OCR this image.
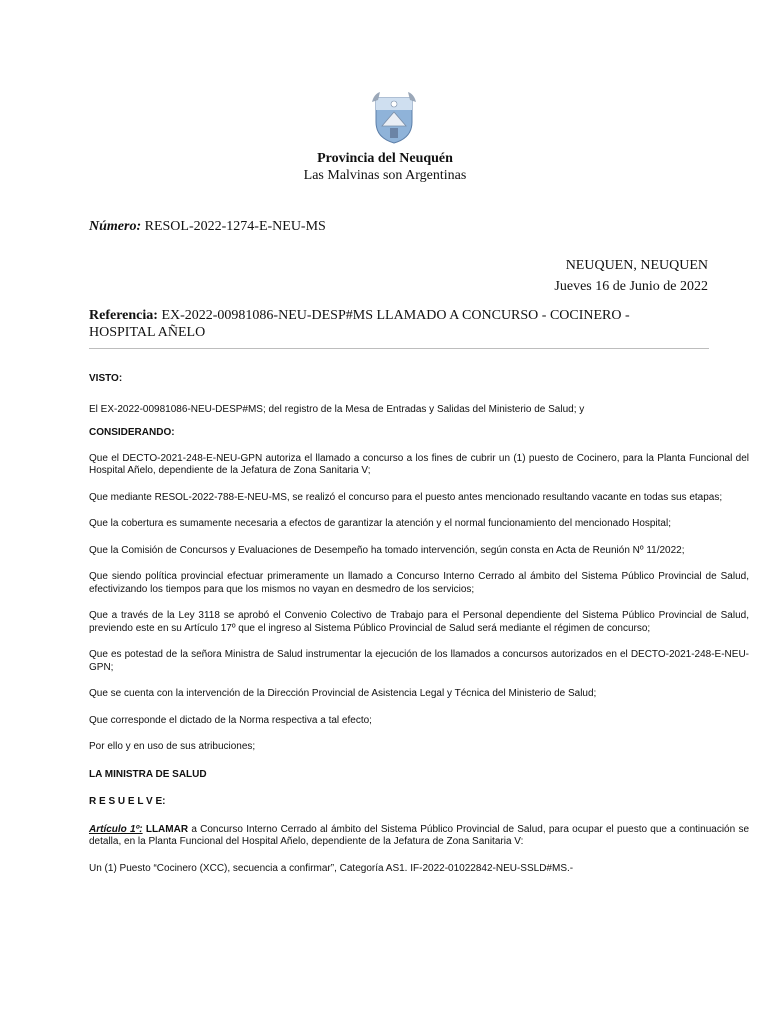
Provincia del Neuquén
Las Malvinas son Argentinas
Número: RESOL-2022-1274-E-NEU-MS
NEUQUEN, NEUQUEN
Jueves 16 de Junio de 2022
Referencia: EX-2022-00981086-NEU-DESP#MS LLAMADO A CONCURSO - COCINERO - HOSPITAL AÑELO

VISTO:

El EX-2022-00981086-NEU-DESP#MS; del registro de la Mesa de Entradas y Salidas del Ministerio de Salud; y

CONSIDERANDO:

Que el DECTO-2021-248-E-NEU-GPN autoriza el llamado a concurso a los fines de cubrir un (1) puesto de Cocinero, para la Planta Funcional del Hospital Añelo, dependiente de la Jefatura de Zona Sanitaria V;

Que mediante RESOL-2022-788-E-NEU-MS, se realizó el concurso para el puesto antes mencionado resultando vacante en todas sus etapas;

Que la cobertura es sumamente necesaria a efectos de garantizar la atención y el normal funcionamiento del mencionado Hospital;

Que la Comisión de Concursos y Evaluaciones de Desempeño ha tomado intervención, según consta en Acta de Reunión Nº 11/2022;

Que siendo política provincial efectuar primeramente un llamado a Concurso Interno Cerrado al ámbito del Sistema Público Provincial de Salud, efectivizando los tiempos para que los mismos no vayan en desmedro de los servicios;

Que a través de la Ley 3118 se aprobó el Convenio Colectivo de Trabajo para el Personal dependiente del Sistema Público Provincial de Salud, previendo este en su Artículo 17º que el ingreso al Sistema Público Provincial de Salud será mediante el régimen de concurso;

Que es potestad de la señora Ministra de Salud instrumentar la ejecución de los llamados a concursos autorizados en el DECTO-2021-248-E-NEU-GPN;

Que se cuenta con la intervención de la Dirección Provincial de Asistencia Legal y Técnica del Ministerio de Salud;

Que corresponde el dictado de la Norma respectiva a tal efecto;

Por ello y en uso de sus atribuciones;

LA MINISTRA DE SALUD

R E S U E L V E:

Artículo 1º: LLAMAR a Concurso Interno Cerrado al ámbito del Sistema Público Provincial de Salud, para ocupar el puesto que a continuación se detalla, en la Planta Funcional del Hospital Añelo, dependiente de la Jefatura de Zona Sanitaria V:

Un (1) Puesto “Cocinero (XCC), secuencia a confirmar”, Categoría AS1. IF-2022-01022842-NEU-SSLD#MS.-
